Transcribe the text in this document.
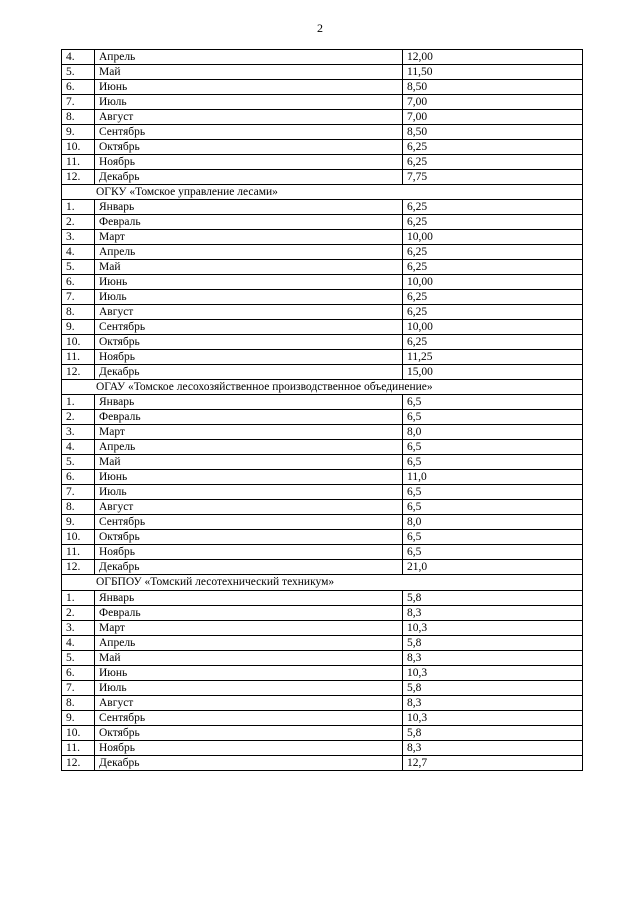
2
4.	Апрель	12,00
5.	Май	11,50
6.	Июнь	8,50
7.	Июль	7,00
8.	Август	7,00
9.	Сентябрь	8,50
10.	Октябрь	6,25
11.	Ноябрь	6,25
12.	Декабрь	7,75
ОГКУ «Томское управление лесами»		
1.	Январь	6,25
2.	Февраль	6,25
3.	Март	10,00
4.	Апрель	6,25
5.	Май	6,25
6.	Июнь	10,00
7.	Июль	6,25
8.	Август	6,25
9.	Сентябрь	10,00
10.	Октябрь	6,25
11.	Ноябрь	11,25
12.	Декабрь	15,00
ОГАУ «Томское лесохозяйственное производственное объединение»		
1.	Январь	6,5
2.	Февраль	6,5
3.	Март	8,0
4.	Апрель	6,5
5.	Май	6,5
6.	Июнь	11,0
7.	Июль	6,5
8.	Август	6,5
9.	Сентябрь	8,0
10.	Октябрь	6,5
11.	Ноябрь	6,5
12.	Декабрь	21,0
ОГБПОУ «Томский лесотехнический техникум»		
1.	Январь	5,8
2.	Февраль	8,3
3.	Март	10,3
4.	Апрель	5,8
5.	Май	8,3
6.	Июнь	10,3
7.	Июль	5,8
8.	Август	8,3
9.	Сентябрь	10,3
10.	Октябрь	5,8
11.	Ноябрь	8,3
12.	Декабрь	12,7
